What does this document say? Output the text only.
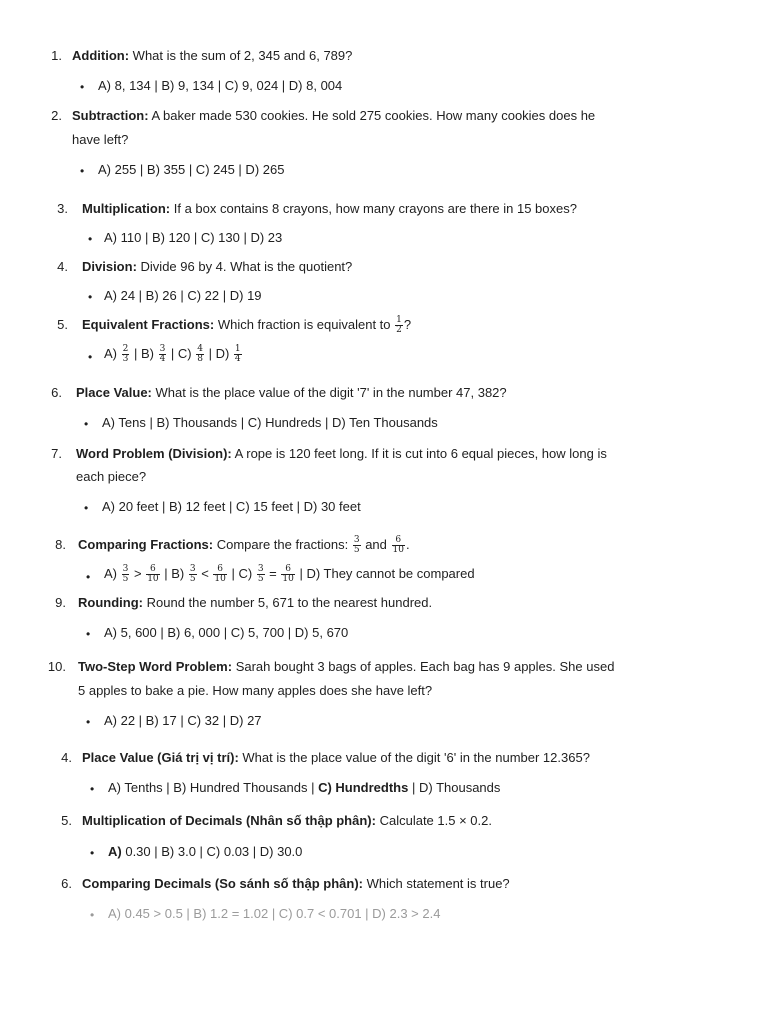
1. Addition: What is the sum of 2, 345 and 6, 789?
• A) 8, 134 | B) 9, 134 | C) 9, 024 | D) 8, 004
2. Subtraction: A baker made 530 cookies. He sold 275 cookies. How many cookies does he
have left?
• A) 255 | B) 355 | C) 245 | D) 265
3. Multiplication: If a box contains 8 crayons, how many crayons are there in 15 boxes?
• A) 110 | B) 120 | C) 130 | D) 23
4. Division: Divide 96 by 4. What is the quotient?
• A) 24 | B) 26 | C) 22 | D) 19
5. Equivalent Fractions: Which fraction is equivalent to $\frac{1}{2}$ ?
• $A) \frac{2}{3}$ | $B) \frac{3}{4}$ | $C) \frac{4}{8}$ | $D) \frac{1}{4}$
6. Place Value: What is the place value of the digit '7' in the number 47, 382?
• A) Tens | B) Thousands | C) Hundreds | D) Ten Thousands
7. Word Problem (Division): A rope is 120 feet long. If it is cut into 6 equal pieces, how long is
each piece?
• A) 20 feet | B) 12 feet | C) 15 feet | D) 30 feet
8. Comparing Fractions: Compare the fractions: $\frac{3}{5}$ and $\frac{6}{10}$ .
• $A) \frac{3}{5} > \frac{6}{10}$ | $B) \frac{3}{5} < \frac{6}{10}$ | $C) \frac{3}{5} = \frac{6}{10}$ | D) They cannot be compared
9. Rounding: Round the number 5, 671 to the nearest hundred.
• A) 5, 600 | B) 6, 000 | C) 5, 700 | D) 5, 670
10. Two-Step Word Problem: Sarah bought 3 bags of apples. Each bag has 9 apples. She used
5 apples to bake a pie. How many apples does she have left?
• A) 22 | B) 17 | C) 32 | D) 27
4. Place Value (Giá trị vị trí): What is the place value of the digit '6' in the number 12.365?
• A) Tenths | B) Hundred Thousands | C) Hundredths | D) Thousands
5. Multiplication of Decimals (Nhân số thập phân): Calculate 1.5 × 0.2.
• A) 0.30 | B) 3.0 | C) 0.03 | D) 30.0
6. Comparing Decimals (So sánh số thập phân): Which statement is true?
• A) 0.45 > 0.5 | B) 1.2 = 1.02 | C) 0.7 < 0.701 | D) 2.3 > 2.4
